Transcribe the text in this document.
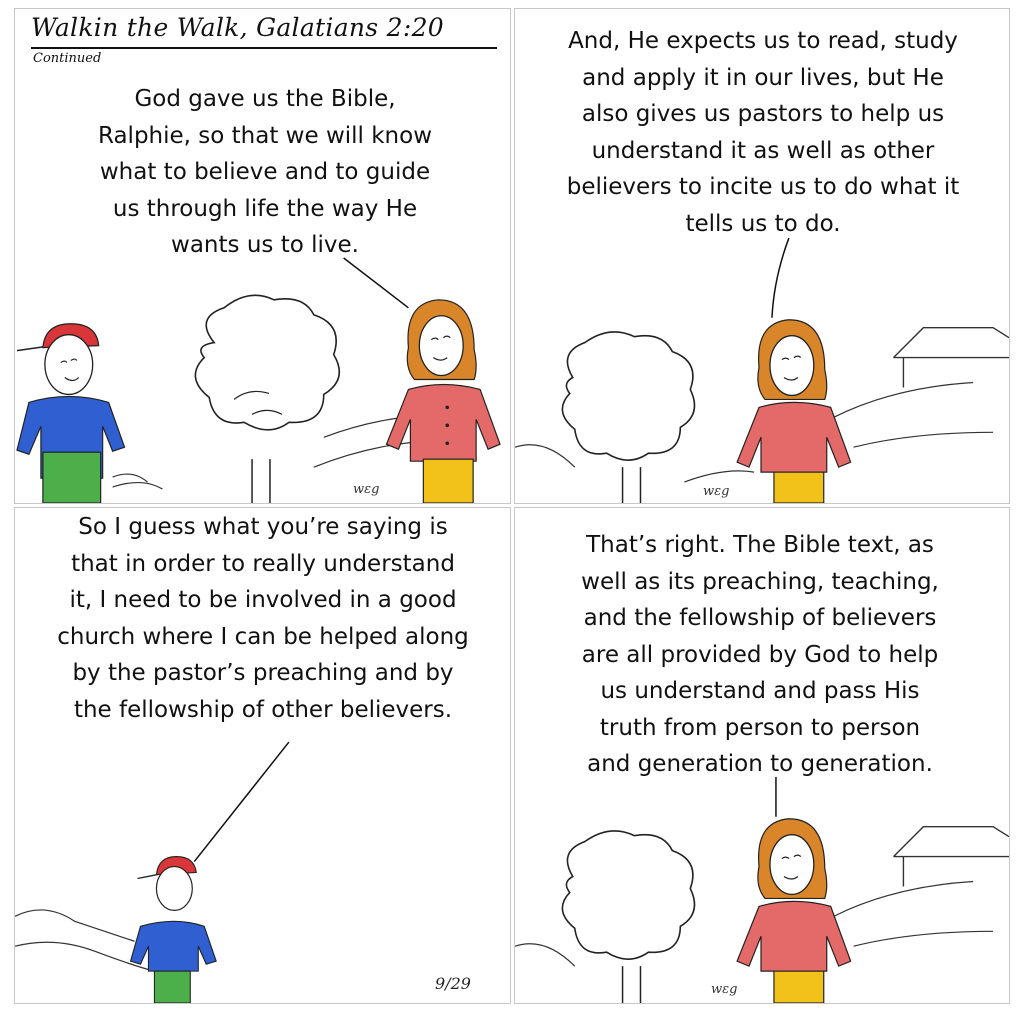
Walkin the Walk, Galatians 2:20
Continued
God gave us the Bible,
Ralphie, so that we will know
what to believe and to guide
us through life the way He
wants us to live.
wεg
And, He expects us to read, study
and apply it in our lives, but He
also gives us pastors to help us
understand it as well as other
believers to incite us to do what it
tells us to do.
wεg
So I guess what you’re saying is
that in order to really understand
it, I need to be involved in a good
church where I can be helped along
by the pastor’s preaching and by
the fellowship of other believers.
9/29
That’s right. The Bible text, as
well as its preaching, teaching,
and the fellowship of believers
are all provided by God to help
us understand and pass His
truth from person to person
and generation to generation.
wεg
